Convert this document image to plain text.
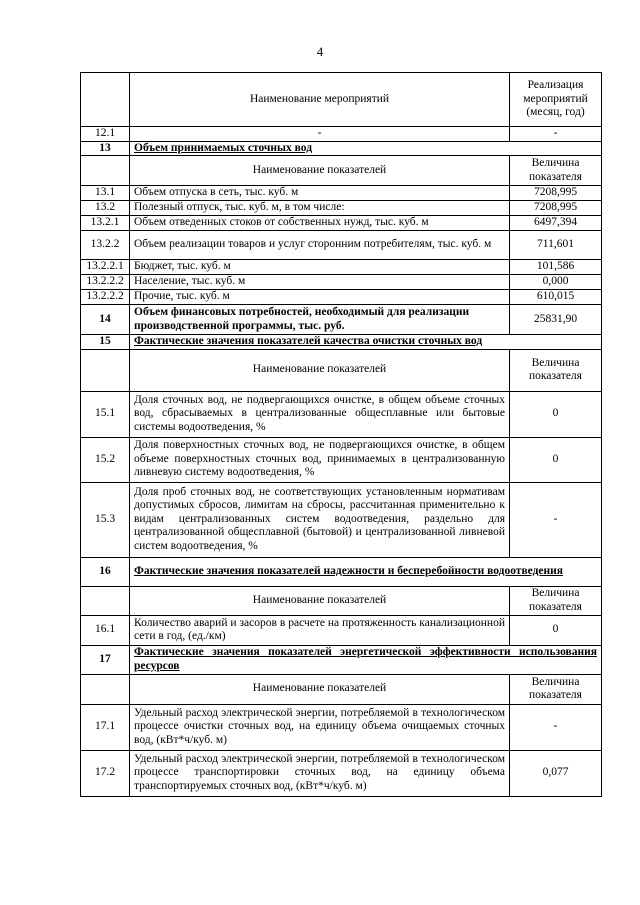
4
	Наименование мероприятий	Реализация
мероприятий
(месяц, год)

12.1	-	-
13	Объем принимаемых сточных вод	
	Наименование показателей	Величина
показателя

13.1	Объем отпуска в сеть, тыс. куб. м	7208,995
13.2	Полезный отпуск, тыс. куб. м, в том числе:	7208,995
13.2.1	Объем отведенных стоков от собственных нужд, тыс. куб. м	6497,394
13.2.2	Объем реализации товаров и услуг сторонним потребителям, тыс. куб. м	711,601
13.2.2.1	Бюджет, тыс. куб. м	101,586
13.2.2.2	Население, тыс. куб. м	0,000
13.2.2.2	Прочие, тыс. куб. м	610,015
14	Объем финансовых потребностей, необходимый для реализации производственной программы, тыс. руб.	25831,90
15	Фактические значения показателей качества очистки сточных вод	
	Наименование показателей	Величина
показателя

15.1	Доля сточных вод, не подвергающихся очистке, в общем объеме сточных вод, сбрасываемых в централизованные общесплавные или бытовые системы водоотведения, %	0
15.2	Доля поверхностных сточных вод, не подвергающихся очистке, в общем объеме поверхностных сточных вод, принимаемых в централизованную ливневую систему водоотведения, %	0
15.3	Доля проб сточных вод, не соответствующих установленным нормативам допустимых сбросов, лимитам на сбросы, рассчитанная применительно к видам централизованных систем водоотведения, раздельно для централизованной общесплавной (бытовой) и централизованной ливневой систем водоотведения, %	-
16	Фактические значения показателей надежности и бесперебойности водоотведения	
	Наименование показателей	Величина
показателя

16.1	Количество аварий и засоров в расчете на протяженность канализационной сети в год, (ед./км)	0
17	Фактические значения показателей энергетической эффективности использования ресурсов	
	Наименование показателей	Величина
показателя

17.1	Удельный расход электрической энергии, потребляемой в технологическом процессе очистки сточных вод, на единицу объема очищаемых сточных вод, (кВт*ч/куб. м)	-
17.2	Удельный расход электрической энергии, потребляемой в технологическом процессе транспортировки сточных вод, на единицу объема транспортируемых сточных вод, (кВт*ч/куб. м)	0,077
